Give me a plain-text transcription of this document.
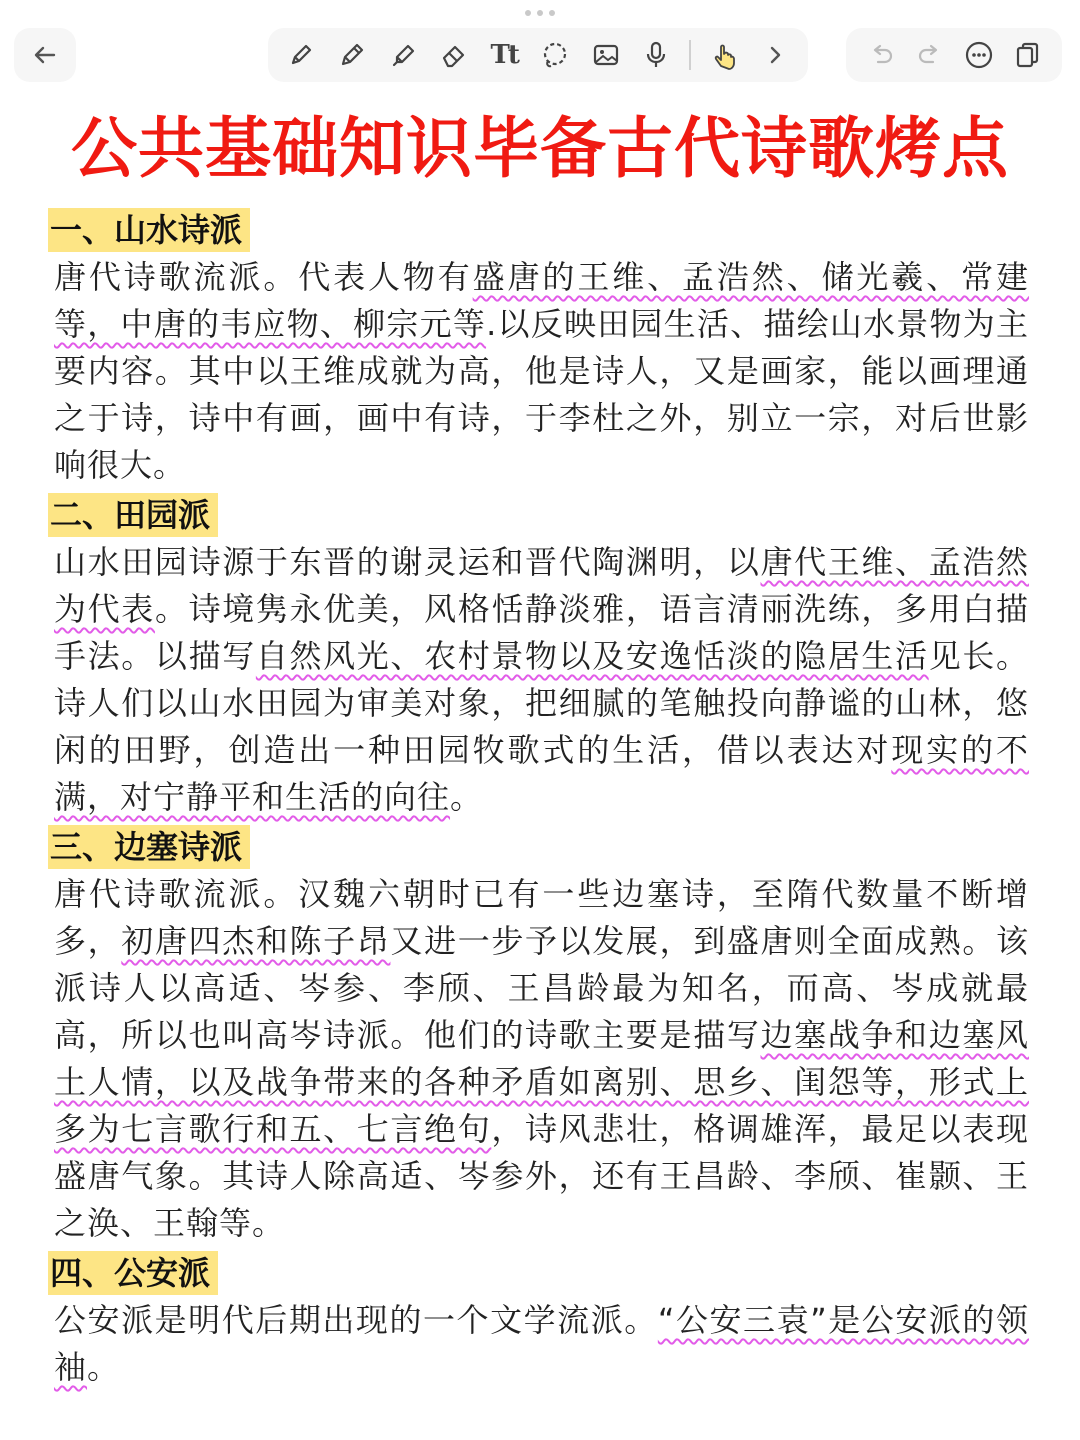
Tt
公共基础知识毕备古代诗歌烤点
一、山水诗派

唐代诗歌流派。代表人物有盛唐的王维、孟浩然、储光羲、常建等，中唐的韦应物、柳宗元等.以反映田园生活、描绘山水景物为主要内容。其中以王维成就为高，他是诗人，又是画家，能以画理通之于诗，诗中有画，画中有诗，于李杜之外，别立一宗，对后世影响很大。

二、田园派

山水田园诗源于东晋的谢灵运和晋代陶渊明，以唐代王维、孟浩然为代表。诗境隽永优美，风格恬静淡雅，语言清丽洗练，多用白描手法。以描写自然风光、农村景物以及安逸恬淡的隐居生活见长。诗人们以山水田园为审美对象，把细腻的笔触投向静谧的山林，悠闲的田野，创造出一种田园牧歌式的生活，借以表达对现实的不满，对宁静平和生活的向往。

三、边塞诗派

唐代诗歌流派。汉魏六朝时已有一些边塞诗，至隋代数量不断增多，初唐四杰和陈子昂又进一步予以发展，到盛唐则全面成熟。该派诗人以高适、岑参、李颀、王昌龄最为知名，而高、岑成就最高，所以也叫高岑诗派。他们的诗歌主要是描写边塞战争和边塞风土人情，以及战争带来的各种矛盾如离别、思乡、闺怨等，形式上多为七言歌行和五、七言绝句，诗风悲壮，格调雄浑，最足以表现盛唐气象。其诗人除高适、岑参外，还有王昌龄、李颀、崔颢、王之涣、王翰等。

四、公安派

公安派是明代后期出现的一个文学流派。“公安三袁”是公安派的领袖。
